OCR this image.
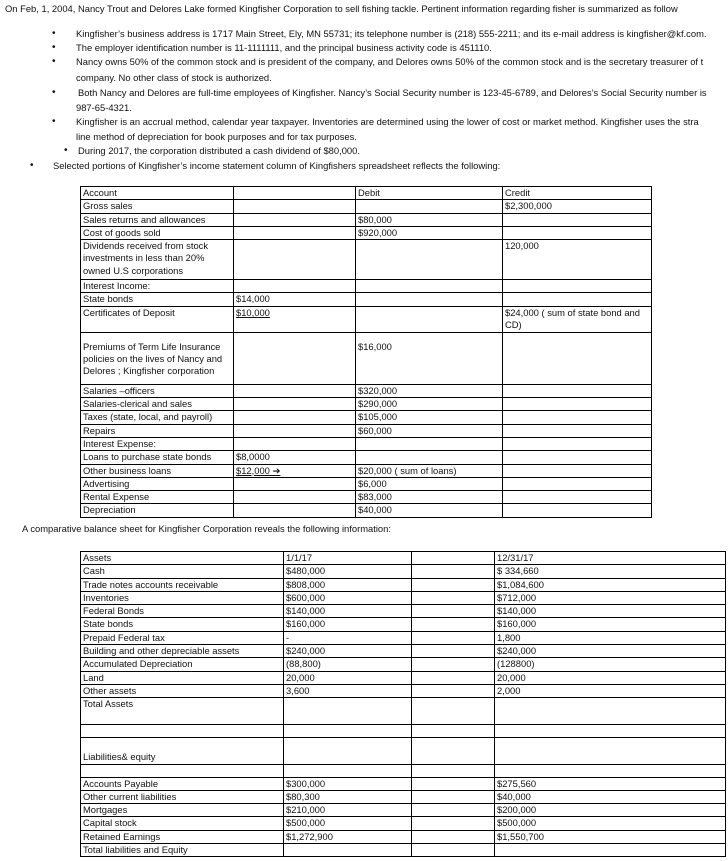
On Feb, 1, 2004, Nancy Trout and Delores Lake formed Kingfisher Corporation to sell fishing tackle. Pertinent information regarding fisher is summarized as follow
• Kingfisher’s business address is 1717 Main Street, Ely, MN 55731; its telephone number is (218) 555-2211; and its e-mail address is kingfisher@kf.com.
• The employer identification number is 11-1111111, and the principal business activity code is 451110.
• Nancy owns 50% of the common stock and is president of the company, and Delores owns 50% of the common stock and is the secretary treasurer of t
company. No other class of stock is authorized.
• Both Nancy and Delores are full-time employees of Kingfisher. Nancy’s Social Security number is 123-45-6789, and Delores’s Social Security number is
987-65-4321.
• Kingfisher is an accrual method, calendar year taxpayer. Inventories are determined using the lower of cost or market method. Kingfisher uses the stra
line method of depreciation for book purposes and for tax purposes.
• During 2017, the corporation distributed a cash dividend of $80,000.
• Selected portions of Kingfisher’s income statement column of Kingfishers spreadsheet reflects the following:
Account		Debit	Credit
Gross sales			$2,300,000
Sales returns and allowances		$80,000	
Cost of goods sold		$920,000	
Dividends received from stock investments in less than 20% owned U.S corporations			120,000
Interest Income:			
State bonds	$14,000		
Certificates of Deposit	$10,000		$24,000 ( sum of state bond and CD)
Premiums of Term Life Insurance policies on the lives of Nancy and Delores ; Kingfisher corporation		$16,000	
Salaries –officers		$320,000	
Salaries-clerical and sales		$290,000	
Taxes (state, local, and payroll)		$105,000	
Repairs		$60,000	
Interest Expense:			
Loans to purchase state bonds	$8,0000		
Other business loans	$12,000 ➔	$20,000 ( sum of loans)	
Advertising		$6,000	
Rental Expense		$83,000	
Depreciation		$40,000	
A comparative balance sheet for Kingfisher Corporation reveals the following information:
Assets	1/1/17		12/31/17
Cash	$480,000		$ 334,660
Trade notes accounts receivable	$808,000		$1,084,600
Inventories	$600,000		$712,000
Federal Bonds	$140,000		$140,000
State bonds	$160,000		$160,000
Prepaid Federal tax	-		1,800
Building and other depreciable assets	$240,000		$240,000
Accumulated Depreciation	(88,800)		(128800)
Land	20,000		20,000
Other assets	3,600		2,000
Total Assets			

Liabilities& equity			

Accounts Payable	$300,000		$275,560
Other current liabilities	$80,300		$40,000
Mortgages	$210,000		$200,000
Capital stock	$500,000		$500,000
Retained Earnings	$1,272,900		$1,550,700
Total liabilities and Equity			
